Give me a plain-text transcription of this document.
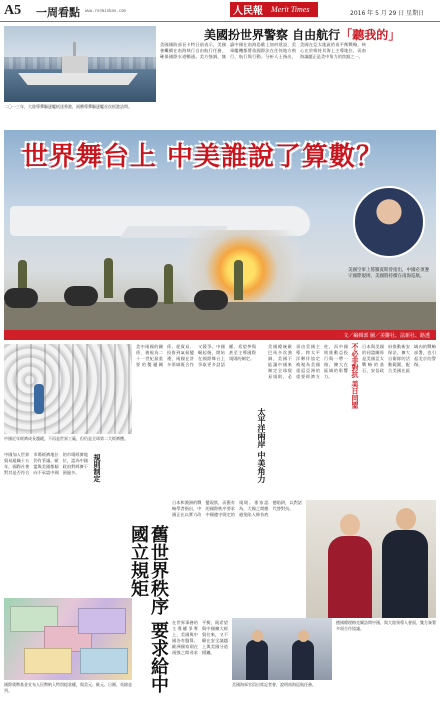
A5 一周看點 www.renminbao.com	人民報 Merit Times	2016 年 5 月 29 日 星期日
二〇一三年，大陸導彈驅逐艦抵達香港，兩艘導彈驅逐艦首次抵港訪問。
美國扮世界警察 自由航行「聽我的」
美國國防部長卡特日前表示，美國會繼續在南海執行自由航行任務，確保國際水道暢通。美方強調，無論中國在南海島礁上如何建設，美軍艦機都將依國際法在任何地方飛行、航行與行動。分析人士指出，美國在亞太地區的再平衡戰略，核心在於維持其海上主導地位，而南海議題正是美中角力的焦點之一。
世界舞台上 中美誰說了算數？
美國空軍上將羅賓斯曾指出，中國必須遵守國際規則，美國將持續在南海巡航。
文／編輯部 圖／美聯社、法新社、路透
中國近年經濟成長趨緩，不再是世界工廠，但仍是全球第二大經濟體。
美中兩國的關係，被視為二十一世紀最重要的雙邊關係。從貿易、投資到氣候變遷，兩國在許多領域既合作又競爭。中國崛起後，開始在國際舞台上爭取更多話語權，希望參與甚至主導國際規則的制定。
太平洋兩岸 中美角力
美國總統歐巴馬多次強調，美國不能讓中國來制定全球貿易規則，必須由美國主導。跨太平洋夥伴協定被視為美國重返亞洲的重要經濟支柱，而中國則推動亞投行與一帶一路，擴大在區域的影響力。	不必非對抗 美日同盟 日本與美國的同盟關係是美國亞太戰略的基石，安倍政府推動新安保法，擴大自衛隊的活動範圍，配合美國在區域內的戰略部署，也引起北京的警惕。
規則制定
中國加入世界貿易組織十五年，國際社會對其是否符合市場經濟地位仍有爭議。歐盟與美國都傾向不承認中國的市場經濟地位，認為中國政府對經濟干預過多。
舊世界秩序 要求給中國立規矩
日本和澳洲的戰略學者指出，中國正在以實力改變現狀，而舊有的國際秩序要求中國遵守既定的規則。專家認為，大國之間應避免陷入修昔底德陷阱，以對話代替對抗。
在世界事務的主導權爭奪上，美國與中國各有盤算。歐洲國家則在兩強之間尋求平衡，既希望與中國擴大經貿往來，又不願在安全議題上與美國分道揚鑣。
國際貨幣基金宣布人民幣納入特別提款權，與美元、歐元、日圓、英鎊並列。
德國總理梅克爾訪問中國，與大陸領導人會面，雙方簽署多項合作協議。
美國海軍官員出席記者會，說明南海巡航任務。
